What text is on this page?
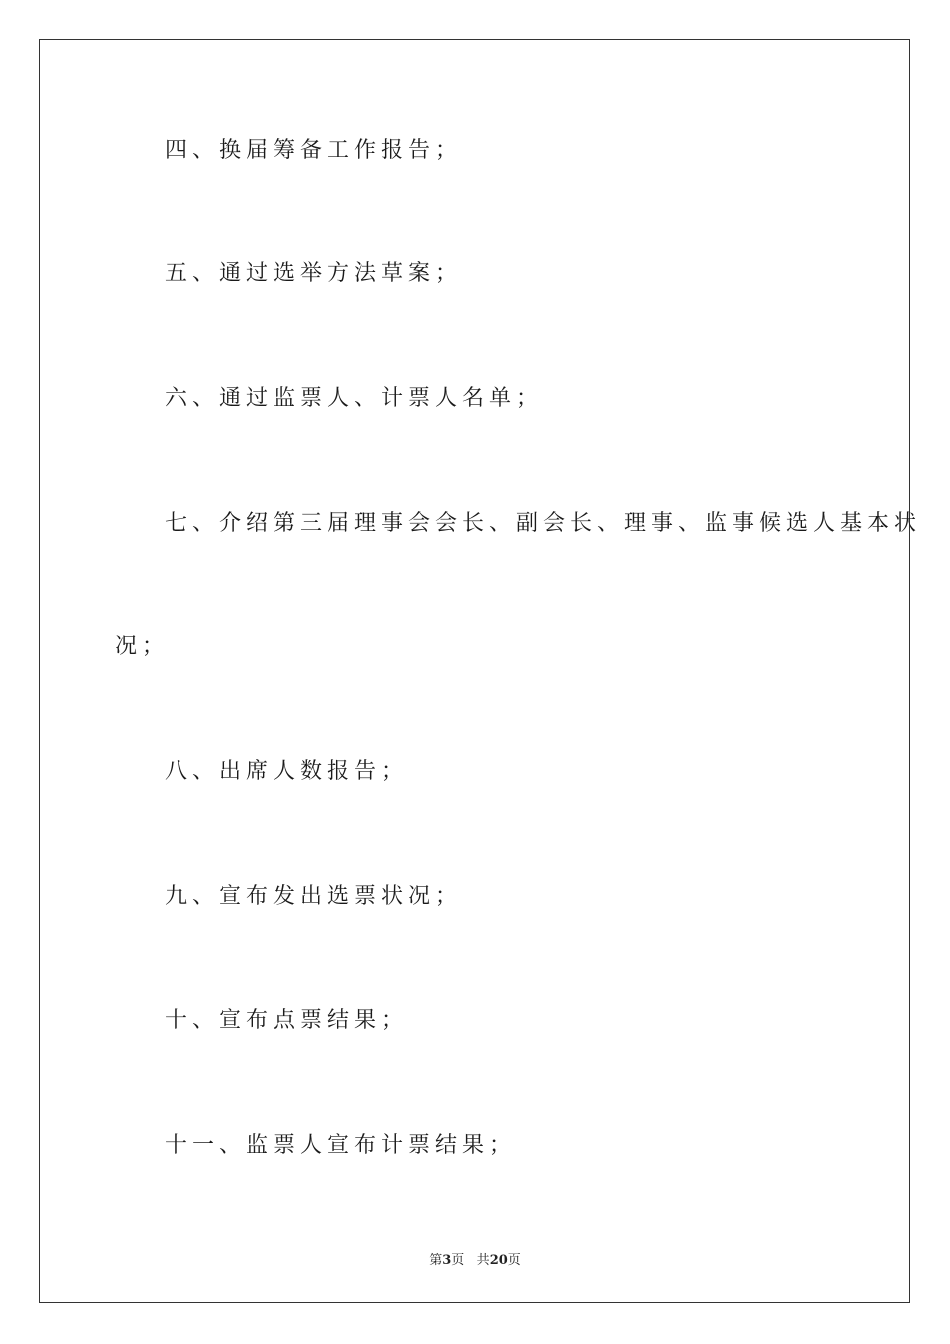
四、换届筹备工作报告；
五、通过选举方法草案；
六、通过监票人、计票人名单；
七、介绍第三届理事会会长、副会长、理事、监事候选人基本状
况；
八、出席人数报告；
九、宣布发出选票状况；
十、宣布点票结果；
十一、监票人宣布计票结果；
第3页 共20页
